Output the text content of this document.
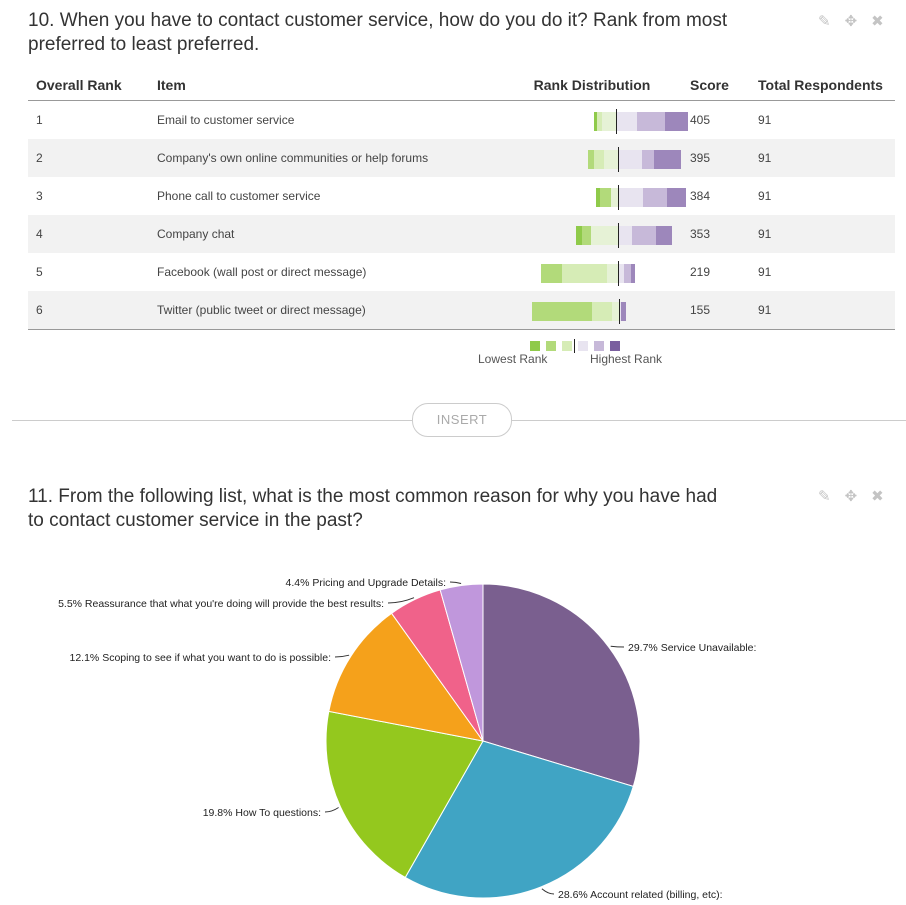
10. When you have to contact customer service, how do you do it? Rank from most preferred to least preferred.
✎ ✥ ✖
Overall Rank	Item	Rank Distribution	Score	Total Respondents
1	Email to customer service		405	91
2	Company's own online communities or help forums		395	91
3	Phone call to customer service		384	91
4	Company chat		353	91
5	Facebook (wall post or direct message)		219	91
6	Twitter (public tweet or direct message)		155	91
Lowest Rank	Highest Rank
INSERT
11. From the following list, what is the most common reason for why you have had to contact customer service in the past?
✎ ✥ ✖
29.7% Service Unavailable:
28.6% Account related (billing, etc):
19.8% How To questions:
12.1% Scoping to see if what you want to do is possible:
5.5% Reassurance that what you're doing will provide the best results:
4.4% Pricing and Upgrade Details:
